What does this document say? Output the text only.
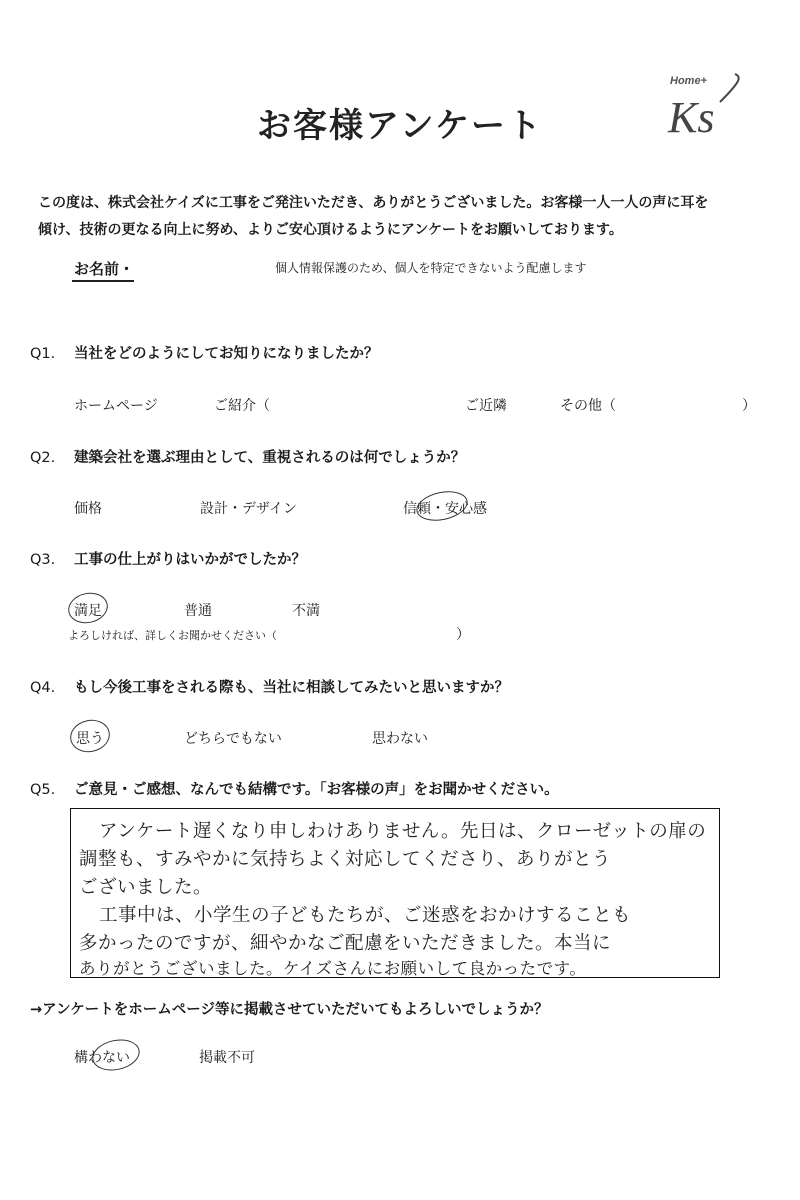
お客様アンケート
Home+
Ks
この度は、株式会社ケイズに工事をご発注いただき、ありがとうございました。お客様一人一人の声に耳を
傾け、技術の更なる向上に努め、よりご安心頂けるようにアンケートをお願いしております。
お名前・	個人情報保護のため、個人を特定できないよう配慮します
Q1. 当社をどのようにしてお知りになりましたか？
ホームページ	ご紹介（	ご近隣	その他（	）
Q2. 建築会社を選ぶ理由として、重視されるのは何でしょうか？
価格	設計・デザイン	信頼・安心感
Q3. 工事の仕上がりはいかがでしたか？
満足	普通	不満
よろしければ、詳しくお聞かせください（	）
Q4. もし今後工事をされる際も、当社に相談してみたいと思いますか？
思う	どちらでもない	思わない
Q5. ご意見・ご感想、なんでも結構です。「お客様の声」をお聞かせください。
アンケート遅くなり申しわけありません。先日は、クローゼットの扉の
調整も、すみやかに気持ちよく対応してくださり、ありがとう
ございました。
工事中は、小学生の子どもたちが、ご迷惑をおかけすることも
多かったのですが、細やかなご配慮をいただきました。本当に
ありがとうございました。ケイズさんにお願いして良かったです。
→アンケートをホームページ等に掲載させていただいてもよろしいでしょうか？
構わない	掲載不可
